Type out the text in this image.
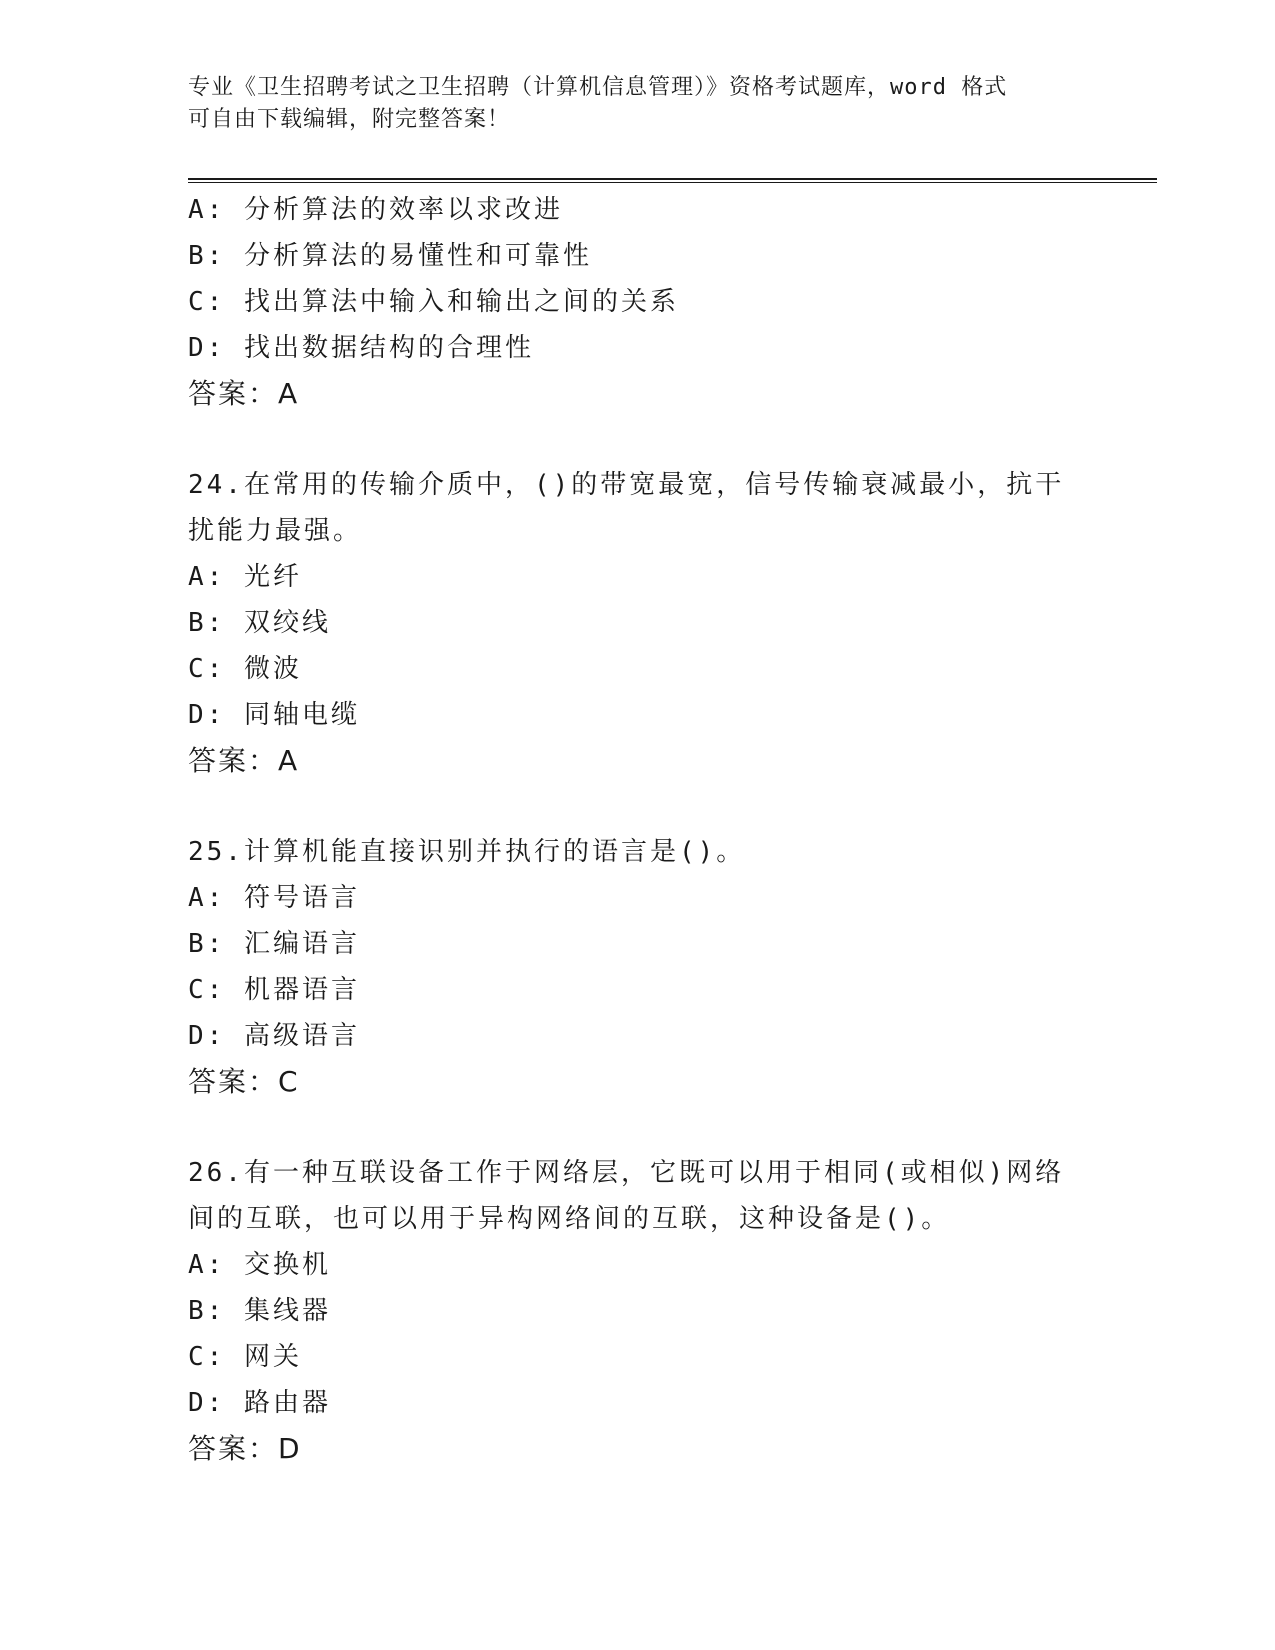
专业《卫生招聘考试之卫生招聘（计算机信息管理）》资格考试题库，word 格式
可自由下载编辑，附完整答案！
A: 分析算法的效率以求改进
B: 分析算法的易懂性和可靠性
C: 找出算法中输入和输出之间的关系
D: 找出数据结构的合理性
答案：A
24.在常用的传输介质中，()的带宽最宽，信号传输衰减最小，抗干扰能力最强。
A: 光纤
B: 双绞线
C: 微波
D: 同轴电缆
答案：A
25.计算机能直接识别并执行的语言是()。
A: 符号语言
B: 汇编语言
C: 机器语言
D: 高级语言
答案：C
26.有一种互联设备工作于网络层，它既可以用于相同(或相似)网络间的互联，也可以用于异构网络间的互联，这种设备是()。
A: 交换机
B: 集线器
C: 网关
D: 路由器
答案：D
